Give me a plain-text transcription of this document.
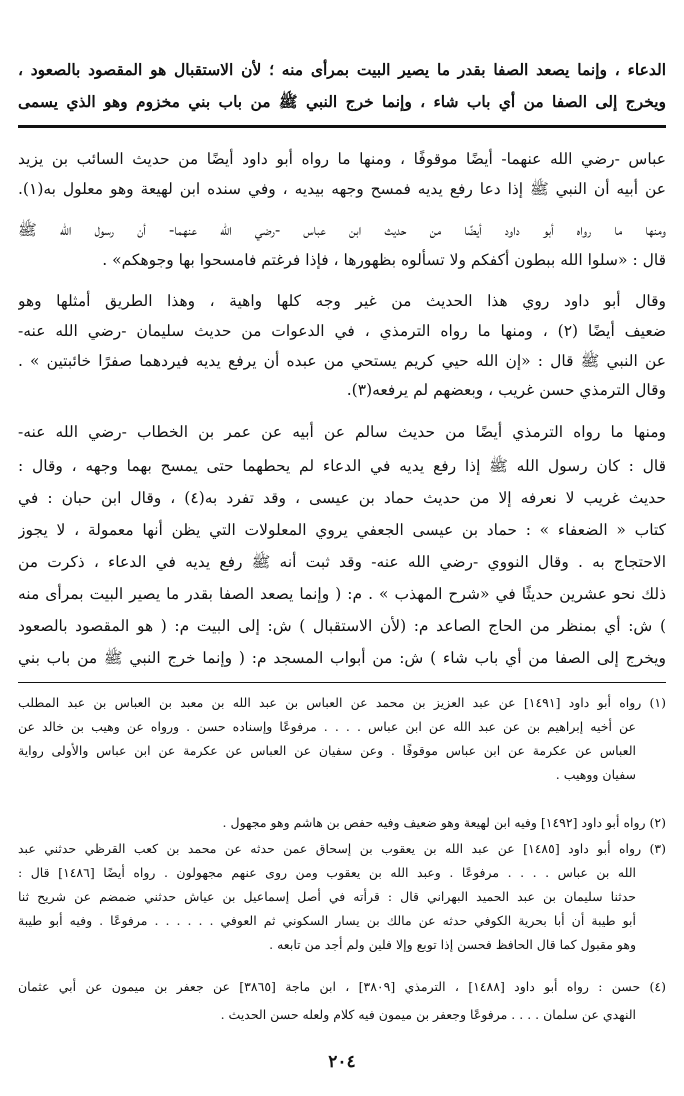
الدعاء ، وإنما يصعد الصفا بقدر ما يصير البيت بمرأى منه ؛ لأن الاستقبال هو المقصود بالصعود ،
ويخرج إلى الصفا من أي باب شاء ، وإنما خرج النبي ﷺ من باب بني مخزوم وهو الذي يسمى
عباس -رضي الله عنهما- أيضًا موقوفًا ، ومنها ما رواه أبو داود أيضًا من حديث السائب بن يزيد
عن أبيه أن النبي ﷺ إذا دعا رفع يديه فمسح وجهه بيديه ، وفي سنده ابن لهيعة وهو معلول به(١).
ومنها ما رواه أبو داود أيضًا من حديث ابن عباس -رضي الله عنهما- أن رسول الله ﷺ
قال : «سلوا الله ببطون أكفكم ولا تسألوه بظهورها ، فإذا فرغتم فامسحوا بها وجوهكم» .
وقال أبو داود روي هذا الحديث من غير وجه كلها واهية ، وهذا الطريق أمثلها وهو
ضعيف أيضًا (٢) ، ومنها ما رواه الترمذي ، في الدعوات من حديث سليمان -رضي الله عنه-
عن النبي ﷺ قال : «إن الله حيي كريم يستحي من عبده أن يرفع يديه فيردهما صفرًا خائبتين » .
وقال الترمذي حسن غريب ، وبعضهم لم يرفعه(٣).
ومنها ما رواه الترمذي أيضًا من حديث سالم عن أبيه عن عمر بن الخطاب -رضي الله عنه-
قال : كان رسول الله ﷺ إذا رفع يديه في الدعاء لم يحطهما حتى يمسح بهما وجهه ، وقال :
حديث غريب لا نعرفه إلا من حديث حماد بن عيسى ، وقد تفرد به(٤) ، وقال ابن حبان : في
كتاب « الضعفاء » : حماد بن عيسى الجعفي يروي المعلولات التي يظن أنها معمولة ، لا يجوز
الاحتجاج به . وقال النووي -رضي الله عنه- وقد ثبت أنه ﷺ رفع يديه في الدعاء ، ذكرت من
ذلك نحو عشرين حديثًا في «شرح المهذب » . م: ( وإنما يصعد الصفا بقدر ما يصير البيت بمرأى منه
) ش: أي بمنظر من الحاج الصاعد م: (لأن الاستقبال ) ش: إلى البيت م: ( هو المقصود بالصعود
ويخرج إلى الصفا من أي باب شاء ) ش: من أبواب المسجد م: ( وإنما خرج النبي ﷺ من باب بني
(١) رواه أبو داود [١٤٩١] عن عبد العزيز بن محمد عن العباس بن عبد الله بن معبد بن العباس بن عبد المطلب
عن أخيه إبراهيم بن عن عبد الله عن ابن عباس . . . . مرفوعًا وإسناده حسن . ورواه عن وهيب بن خالد عن
العباس عن عكرمة عن ابن عباس موقوفًا . وعن سفيان عن العباس عن عكرمة عن ابن عباس والأولى رواية
سفيان ووهيب .
(٢) رواه أبو داود [١٤٩٢] وفيه ابن لهيعة وهو ضعيف وفيه حفص بن هاشم وهو مجهول .
(٣) رواه أبو داود [١٤٨٥] عن عبد الله بن يعقوب بن إسحاق عمن حدثه عن محمد بن كعب القرظي حدثني عبد
الله بن عباس . . . . مرفوعًا . وعبد الله بن يعقوب ومن روى عنهم مجهولون . رواه أيضًا [١٤٨٦] قال :
حدثنا سليمان بن عبد الحميد البهراني قال : قرأته في أصل إسماعيل بن عياش حدثني ضمضم عن شريح ثنا
أبو طيبة أن أبا بحرية الكوفي حدثه عن مالك بن يسار السكوني ثم العوفي . . . . . . مرفوعًا . وفيه أبو طيبة
وهو مقبول كما قال الحافظ فحسن إذا توبع وإلا فلين ولم أجد من تابعه .
(٤) حسن : رواه أبو داود [١٤٨٨] ، الترمذي [٣٨٠٩] ، ابن ماجة [٣٨٦٥] عن جعفر بن ميمون عن أبي عثمان
النهدي عن سلمان . . . . مرفوعًا وجعفر بن ميمون فيه كلام ولعله حسن الحديث .
٢٠٤
